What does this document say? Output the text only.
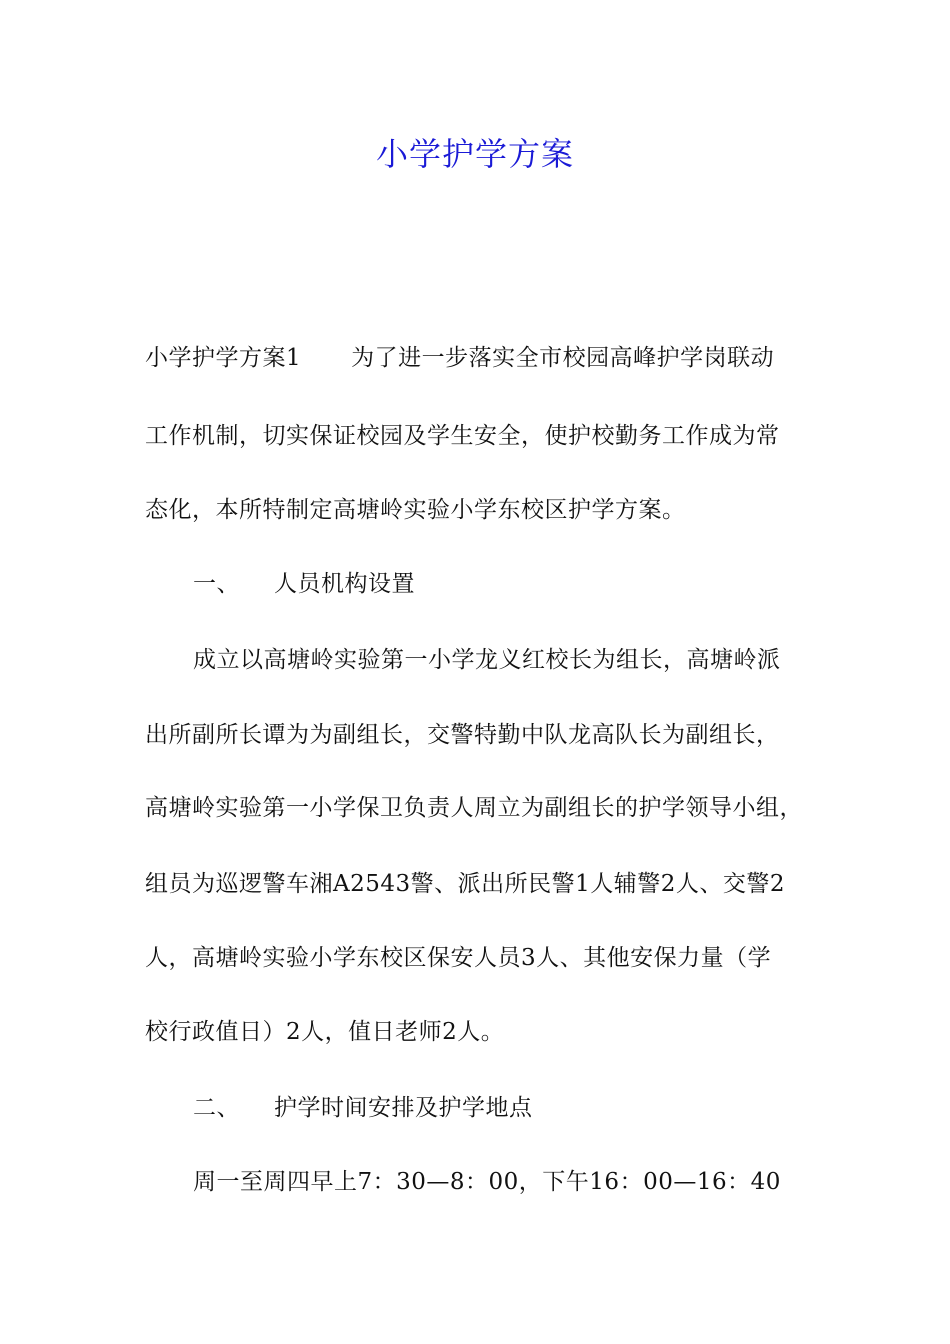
小学护学方案
小学护学方案1 为了进一步落实全市校园高峰护学岗联动
工作机制，切实保证校园及学生安全，使护校勤务工作成为常
态化，本所特制定高塘岭实验小学东校区护学方案。
一、 人员机构设置
成立以高塘岭实验第一小学龙义红校长为组长，高塘岭派
出所副所长谭为为副组长，交警特勤中队龙高队长为副组长，
高塘岭实验第一小学保卫负责人周立为副组长的护学领导小组，
组员为巡逻警车湘A2543警、派出所民警1人辅警2人、交警2
人，高塘岭实验小学东校区保安人员3人、其他安保力量（学
校行政值日）2人，值日老师2人。
二、 护学时间安排及护学地点
周一至周四早上7：30—8：00，下午16：00—16：40
